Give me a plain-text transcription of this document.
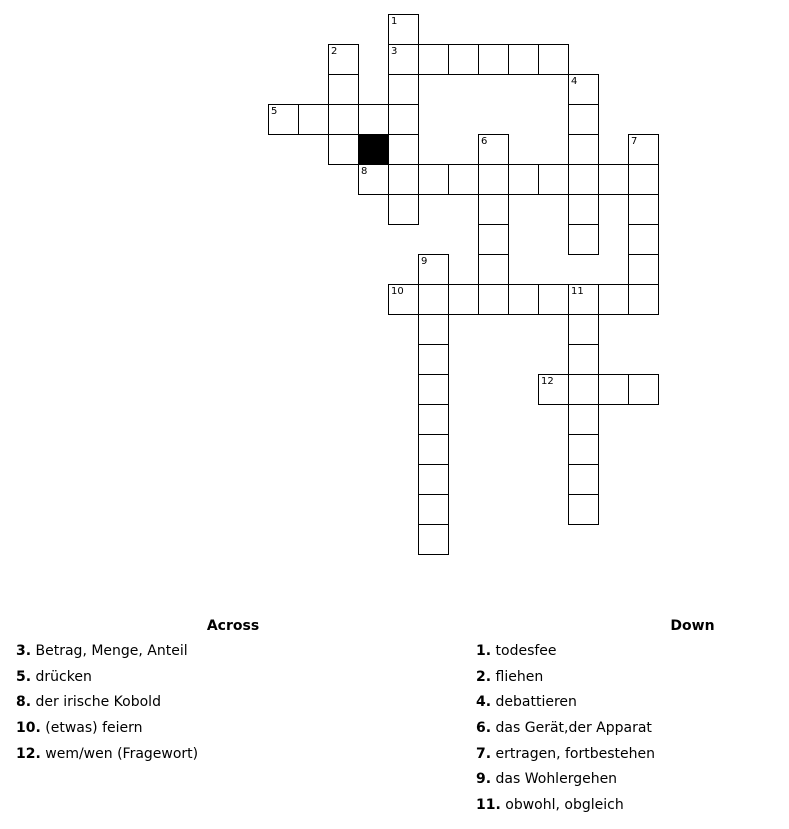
1
2	3
4
5
6	7
8
9
10	11
12
Across
3. Betrag, Menge, Anteil
5. drücken
8. der irische Kobold
10. (etwas) feiern
12. wem/wen (Fragewort)
Down
1. todesfee
2. fliehen
4. debattieren
6. das Gerät,der Apparat
7. ertragen, fortbestehen
9. das Wohlergehen
11. obwohl, obgleich
